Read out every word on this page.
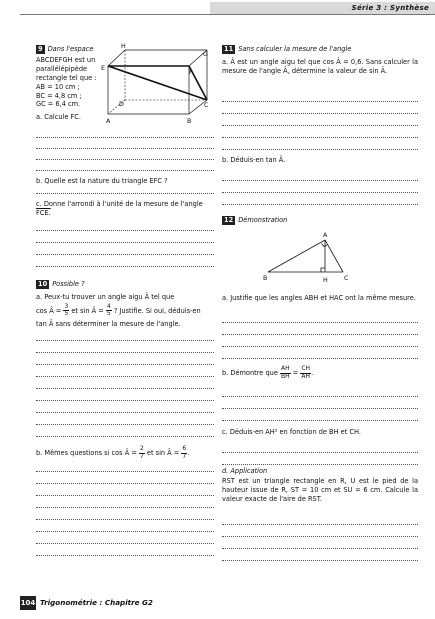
Série 3 : Synthèse
9 Dans l'espace

ABCDEFGH est un

parallélépipède

rectangle tel que :

AB = 10 cm ;

BC = 4,8 cm ;

GC = 6,4 cm.

a. Calcule FC.
H
G
E
F
D	C
A	B
b. Quelle est la nature du triangle EFC ?

c. Donne l'arrondi à l'unité de la mesure de l'angle

FCE.

10 Possible ?

a. Peux-tu trouver un angle aigu Â tel que

cos Â = $\frac{3}{5}$ et sin Â = $\frac{4}{5}$ ? Justifie. Si oui, déduis-en

tan Â sans déterminer la mesure de l'angle.

b. Mêmes questions si cos Â = $\frac{2}{7}$ et sin Â = $\frac{6}{7}$ .
11 Sans calculer la mesure de l'angle
a. Â est un angle aigu tel que cos Â = 0,6. Sans calculer la mesure de l'angle Â, détermine la valeur de sin Â.
b. Déduis-en tan Â.
12 Démonstration
A
B	H	C
a. Justifie que les angles ABH et HAC ont la même mesure.
b. Démontre que $\frac{AH}{BH} = \frac{CH}{AH}$ .
c. Déduis-en AH² en fonction de BH et CH.
d. Application
RST est un triangle rectangle en R, U est le pied de la hauteur issue de R, ST = 10 cm et SU = 6 cm. Calcule la valeur exacte de l'aire de RST.
104 Trigonométrie : Chapitre G2
